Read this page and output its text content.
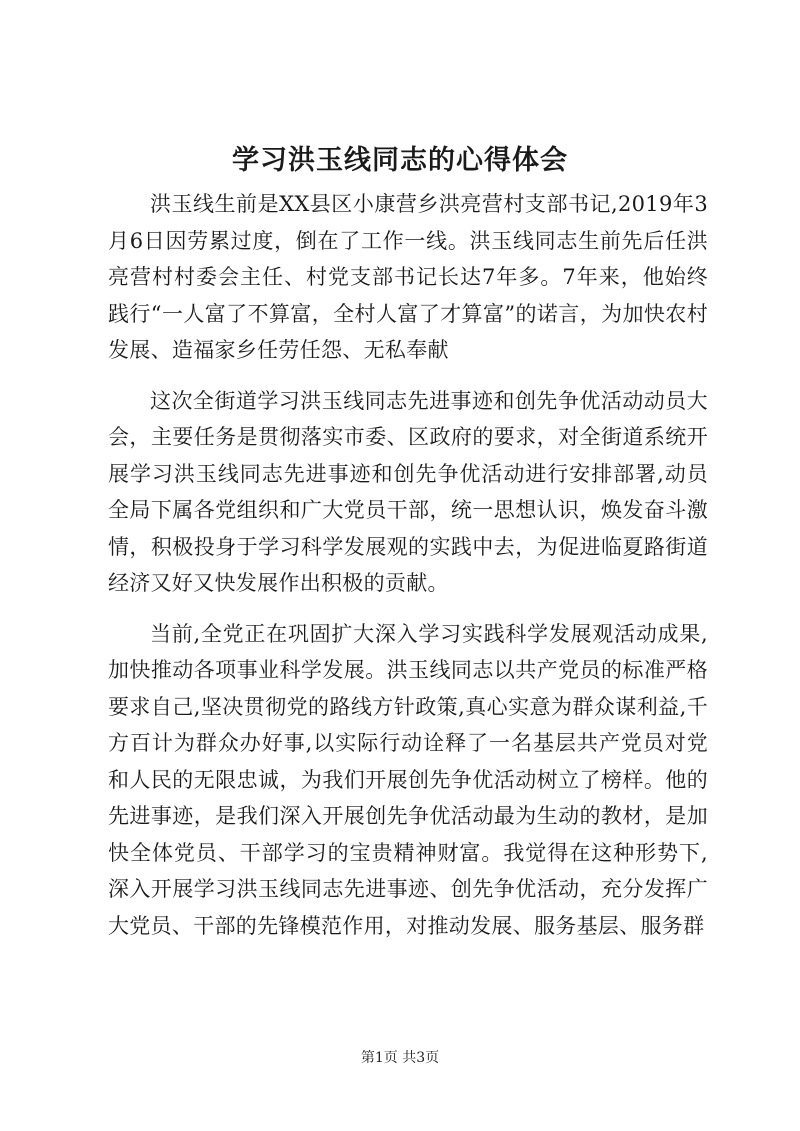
学习洪玉线同志的心得体会

洪玉线生前是XX县区小康营乡洪亮营村支部书记,2019年3月6日因劳累过度，倒在了工作一线。洪玉线同志生前先后任洪亮营村村委会主任、村党支部书记长达7年多。7年来，他始终践行“一人富了不算富，全村人富了才算富”的诺言，为加快农村发展、造福家乡任劳任怨、无私奉献

这次全街道学习洪玉线同志先进事迹和创先争优活动动员大会，主要任务是贯彻落实市委、区政府的要求，对全街道系统开展学习洪玉线同志先进事迹和创先争优活动进行安排部署,动员全局下属各党组织和广大党员干部，统一思想认识，焕发奋斗激情，积极投身于学习科学发展观的实践中去，为促进临夏路街道经济又好又快发展作出积极的贡献。

当前,全党正在巩固扩大深入学习实践科学发展观活动成果,加快推动各项事业科学发展。洪玉线同志以共产党员的标准严格要求自己,坚决贯彻党的路线方针政策,真心实意为群众谋利益,千方百计为群众办好事,以实际行动诠释了一名基层共产党员对党和人民的无限忠诚，为我们开展创先争优活动树立了榜样。他的先进事迹，是我们深入开展创先争优活动最为生动的教材，是加快全体党员、干部学习的宝贵精神财富。我觉得在这种形势下,深入开展学习洪玉线同志先进事迹、创先争优活动，充分发挥广大党员、干部的先锋模范作用，对推动发展、服务基层、服务群

第1页 共3页
